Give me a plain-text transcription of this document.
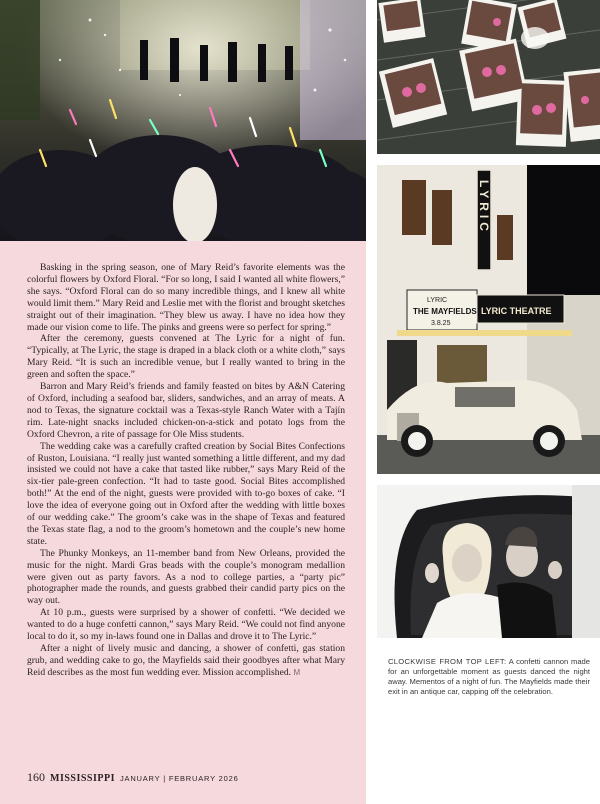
LYRIC
LYRIC
THE MAYFIELDS
3.8.25
LYRIC THEATRE

Basking in the spring season, one of Mary Reid’s favorite elements was the colorful flowers by Oxford Floral. “For so long, I said I wanted all white flowers,” she says. “Oxford Floral can do so many incredible things, and I knew all white would limit them.” Mary Reid and Leslie met with the florist and brought sketches straight out of their imagination. “They blew us away. I have no idea how they made our vision come to life. The pinks and greens were so perfect for spring.”

After the ceremony, guests convened at The Lyric for a night of fun. “Typically, at The Lyric, the stage is draped in a black cloth or a white cloth,” says Mary Reid. “It is such an incredible venue, but I really wanted to bring in the green and soften the space.”

Barron and Mary Reid’s friends and family feasted on bites by A&N Catering of Oxford, including a seafood bar, sliders, sandwiches, and an array of meats. A nod to Texas, the signature cocktail was a Texas-style Ranch Water with a Tajín rim. Late-night snacks included chicken-on-a-stick and potato logs from the Oxford Chevron, a rite of passage for Ole Miss students.

The wedding cake was a carefully crafted creation by Social Bites Confections of Ruston, Louisiana. “I really just wanted something a little different, and my dad insisted we could not have a cake that tasted like rubber,” says Mary Reid of the six-tier pale-green confection. “It had to taste good. Social Bites accomplished both!” At the end of the night, guests were provided with to-go boxes of cake. “I love the idea of everyone going out in Oxford after the wedding with little boxes of our wedding cake.” The groom’s cake was in the shape of Texas and featured the Texas state flag, a nod to the groom’s hometown and the couple’s new home state.

The Phunky Monkeys, an 11-member band from New Orleans, provided the music for the night. Mardi Gras beads with the couple’s monogram medallion were given out as party favors. As a nod to college parties, a “party pic” photographer made the rounds, and guests grabbed their candid party pics on the way out.

At 10 p.m., guests were surprised by a shower of confetti. “We decided we wanted to do a huge confetti cannon,” says Mary Reid. “We could not find anyone local to do it, so my in-laws found one in Dallas and drove it to The Lyric.”

After a night of lively music and dancing, a shower of confetti, gas station grub, and wedding cake to go, the Mayfields said their goodbyes after what Mary Reid describes as the most fun wedding ever. Mission accomplished. M

160 MISSISSIPPI JANUARY | FEBRUARY 2026
CLOCKWISE FROM TOP LEFT: A confetti cannon made for an unforgettable moment as guests danced the night away. Mementos of a night of fun. The Mayfields made their exit in an antique car, capping off the celebration.
